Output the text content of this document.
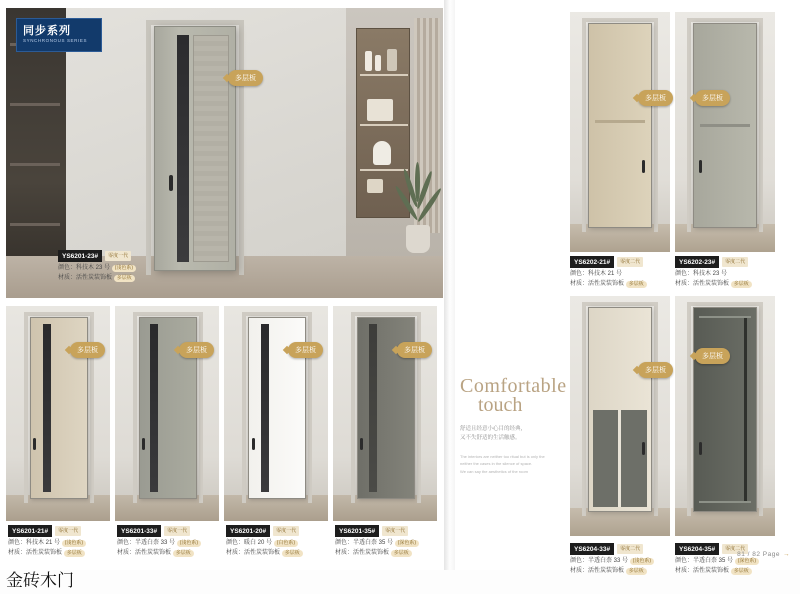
同步系列
SYNCHRONOUS SERIES
多层板
YS6201-23#	零度一代
颜色：科技木 23 号 (浅色系)
材质：活性炭装饰板 多层板
多层板
YS6201-21#	零度一代
颜色：科技木 21 号 (浅色系)
材质：活性炭装饰板 多层板
多层板
YS6201-33#	零度一代
颜色：半透白柰 33 号 (浅色系)
材质：活性炭装饰板 多层板
多层板
YS6201-20#	零度一代
颜色：暖白 20 号 (白色系)
材质：活性炭装饰板 多层板
多层板
YS6201-35#	零度一代
颜色：半透白柰 35 号 (深色系)
材质：活性炭装饰板 多层板
多层板
YS6202-21#	零度二代
颜色：科技木 21 号
材质：活性炭装饰板 多层板
多层板
YS6202-23#	零度二代
颜色：科技木 23 号
材质：活性炭装饰板 多层板
多层板
YS6204-33#	零度二代
颜色：半透白柰 33 号 (浅色系)
材质：活性炭装饰板 多层板
多层板
YS6204-35#	零度二代
颜色：半透白柰 35 号 (深色系)
材质：活性炭装饰板 多层板
81 / 82 Page →
Comfortable
touch
舒适且经意小心目的经典，
又不失舒适的生活触感。
The interiors are neither too ritual but is only the
neither the cases in the silence of space.
We can say the aesthetics of the room
金砖木门
